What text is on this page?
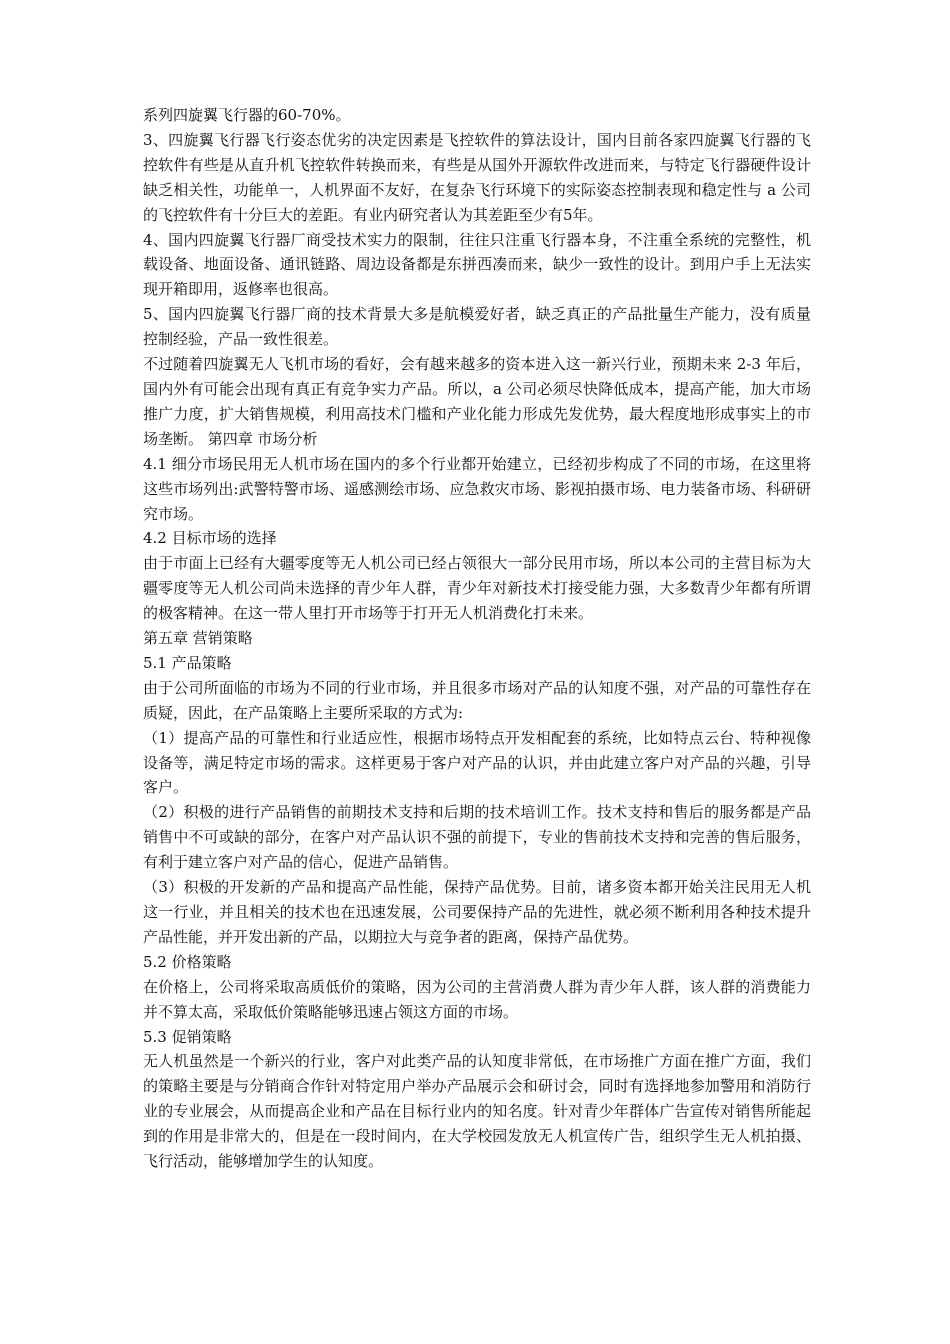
系列四旋翼飞行器的60-70%。

3、四旋翼飞行器飞行姿态优劣的决定因素是飞控软件的算法设计，国内目前各家四旋翼飞行器的飞控软件有些是从直升机飞控软件转换而来，有些是从国外开源软件改进而来，与特定飞行器硬件设计缺乏相关性，功能单一，人机界面不友好，在复杂飞行环境下的实际姿态控制表现和稳定性与 a 公司的飞控软件有十分巨大的差距。有业内研究者认为其差距至少有5年。

4、国内四旋翼飞行器厂商受技术实力的限制，往往只注重飞行器本身，不注重全系统的完整性，机载设备、地面设备、通讯链路、周边设备都是东拼西凑而来，缺少一致性的设计。到用户手上无法实现开箱即用，返修率也很高。

5、国内四旋翼飞行器厂商的技术背景大多是航模爱好者，缺乏真正的产品批量生产能力，没有质量控制经验，产品一致性很差。

不过随着四旋翼无人飞机市场的看好，会有越来越多的资本进入这一新兴行业，预期未来 2-3 年后，国内外有可能会出现有真正有竞争实力产品。所以，a 公司必须尽快降低成本，提高产能，加大市场推广力度，扩大销售规模，利用高技术门槛和产业化能力形成先发优势，最大程度地形成事实上的市场垄断。 第四章 市场分析

4.1 细分市场民用无人机市场在国内的多个行业都开始建立，已经初步构成了不同的市场，在这里将这些市场列出:武警特警市场、遥感测绘市场、应急救灾市场、影视拍摄市场、电力装备市场、科研研究市场。

4.2 目标市场的选择

由于市面上已经有大疆零度等无人机公司已经占领很大一部分民用市场，所以本公司的主营目标为大疆零度等无人机公司尚未选择的青少年人群，青少年对新技术打接受能力强，大多数青少年都有所谓的极客精神。在这一带人里打开市场等于打开无人机消费化打未来。

第五章 营销策略

5.1 产品策略

由于公司所面临的市场为不同的行业市场，并且很多市场对产品的认知度不强，对产品的可靠性存在质疑，因此，在产品策略上主要所采取的方式为:

（1）提高产品的可靠性和行业适应性，根据市场特点开发相配套的系统，比如特点云台、特种视像设备等，满足特定市场的需求。这样更易于客户对产品的认识，并由此建立客户对产品的兴趣，引导客户。

（2）积极的进行产品销售的前期技术支持和后期的技术培训工作。技术支持和售后的服务都是产品销售中不可或缺的部分，在客户对产品认识不强的前提下，专业的售前技术支持和完善的售后服务，有利于建立客户对产品的信心，促进产品销售。

（3）积极的开发新的产品和提高产品性能，保持产品优势。目前，诸多资本都开始关注民用无人机这一行业，并且相关的技术也在迅速发展，公司要保持产品的先进性，就必须不断利用各种技术提升产品性能，并开发出新的产品，以期拉大与竞争者的距离，保持产品优势。

5.2 价格策略

在价格上，公司将采取高质低价的策略，因为公司的主营消费人群为青少年人群，该人群的消费能力并不算太高，采取低价策略能够迅速占领这方面的市场。

5.3 促销策略

无人机虽然是一个新兴的行业，客户对此类产品的认知度非常低，在市场推广方面在推广方面，我们的策略主要是与分销商合作针对特定用户举办产品展示会和研讨会，同时有选择地参加警用和消防行业的专业展会，从而提高企业和产品在目标行业内的知名度。针对青少年群体广告宣传对销售所能起到的作用是非常大的，但是在一段时间内，在大学校园发放无人机宣传广告，组织学生无人机拍摄、飞行活动，能够增加学生的认知度。
